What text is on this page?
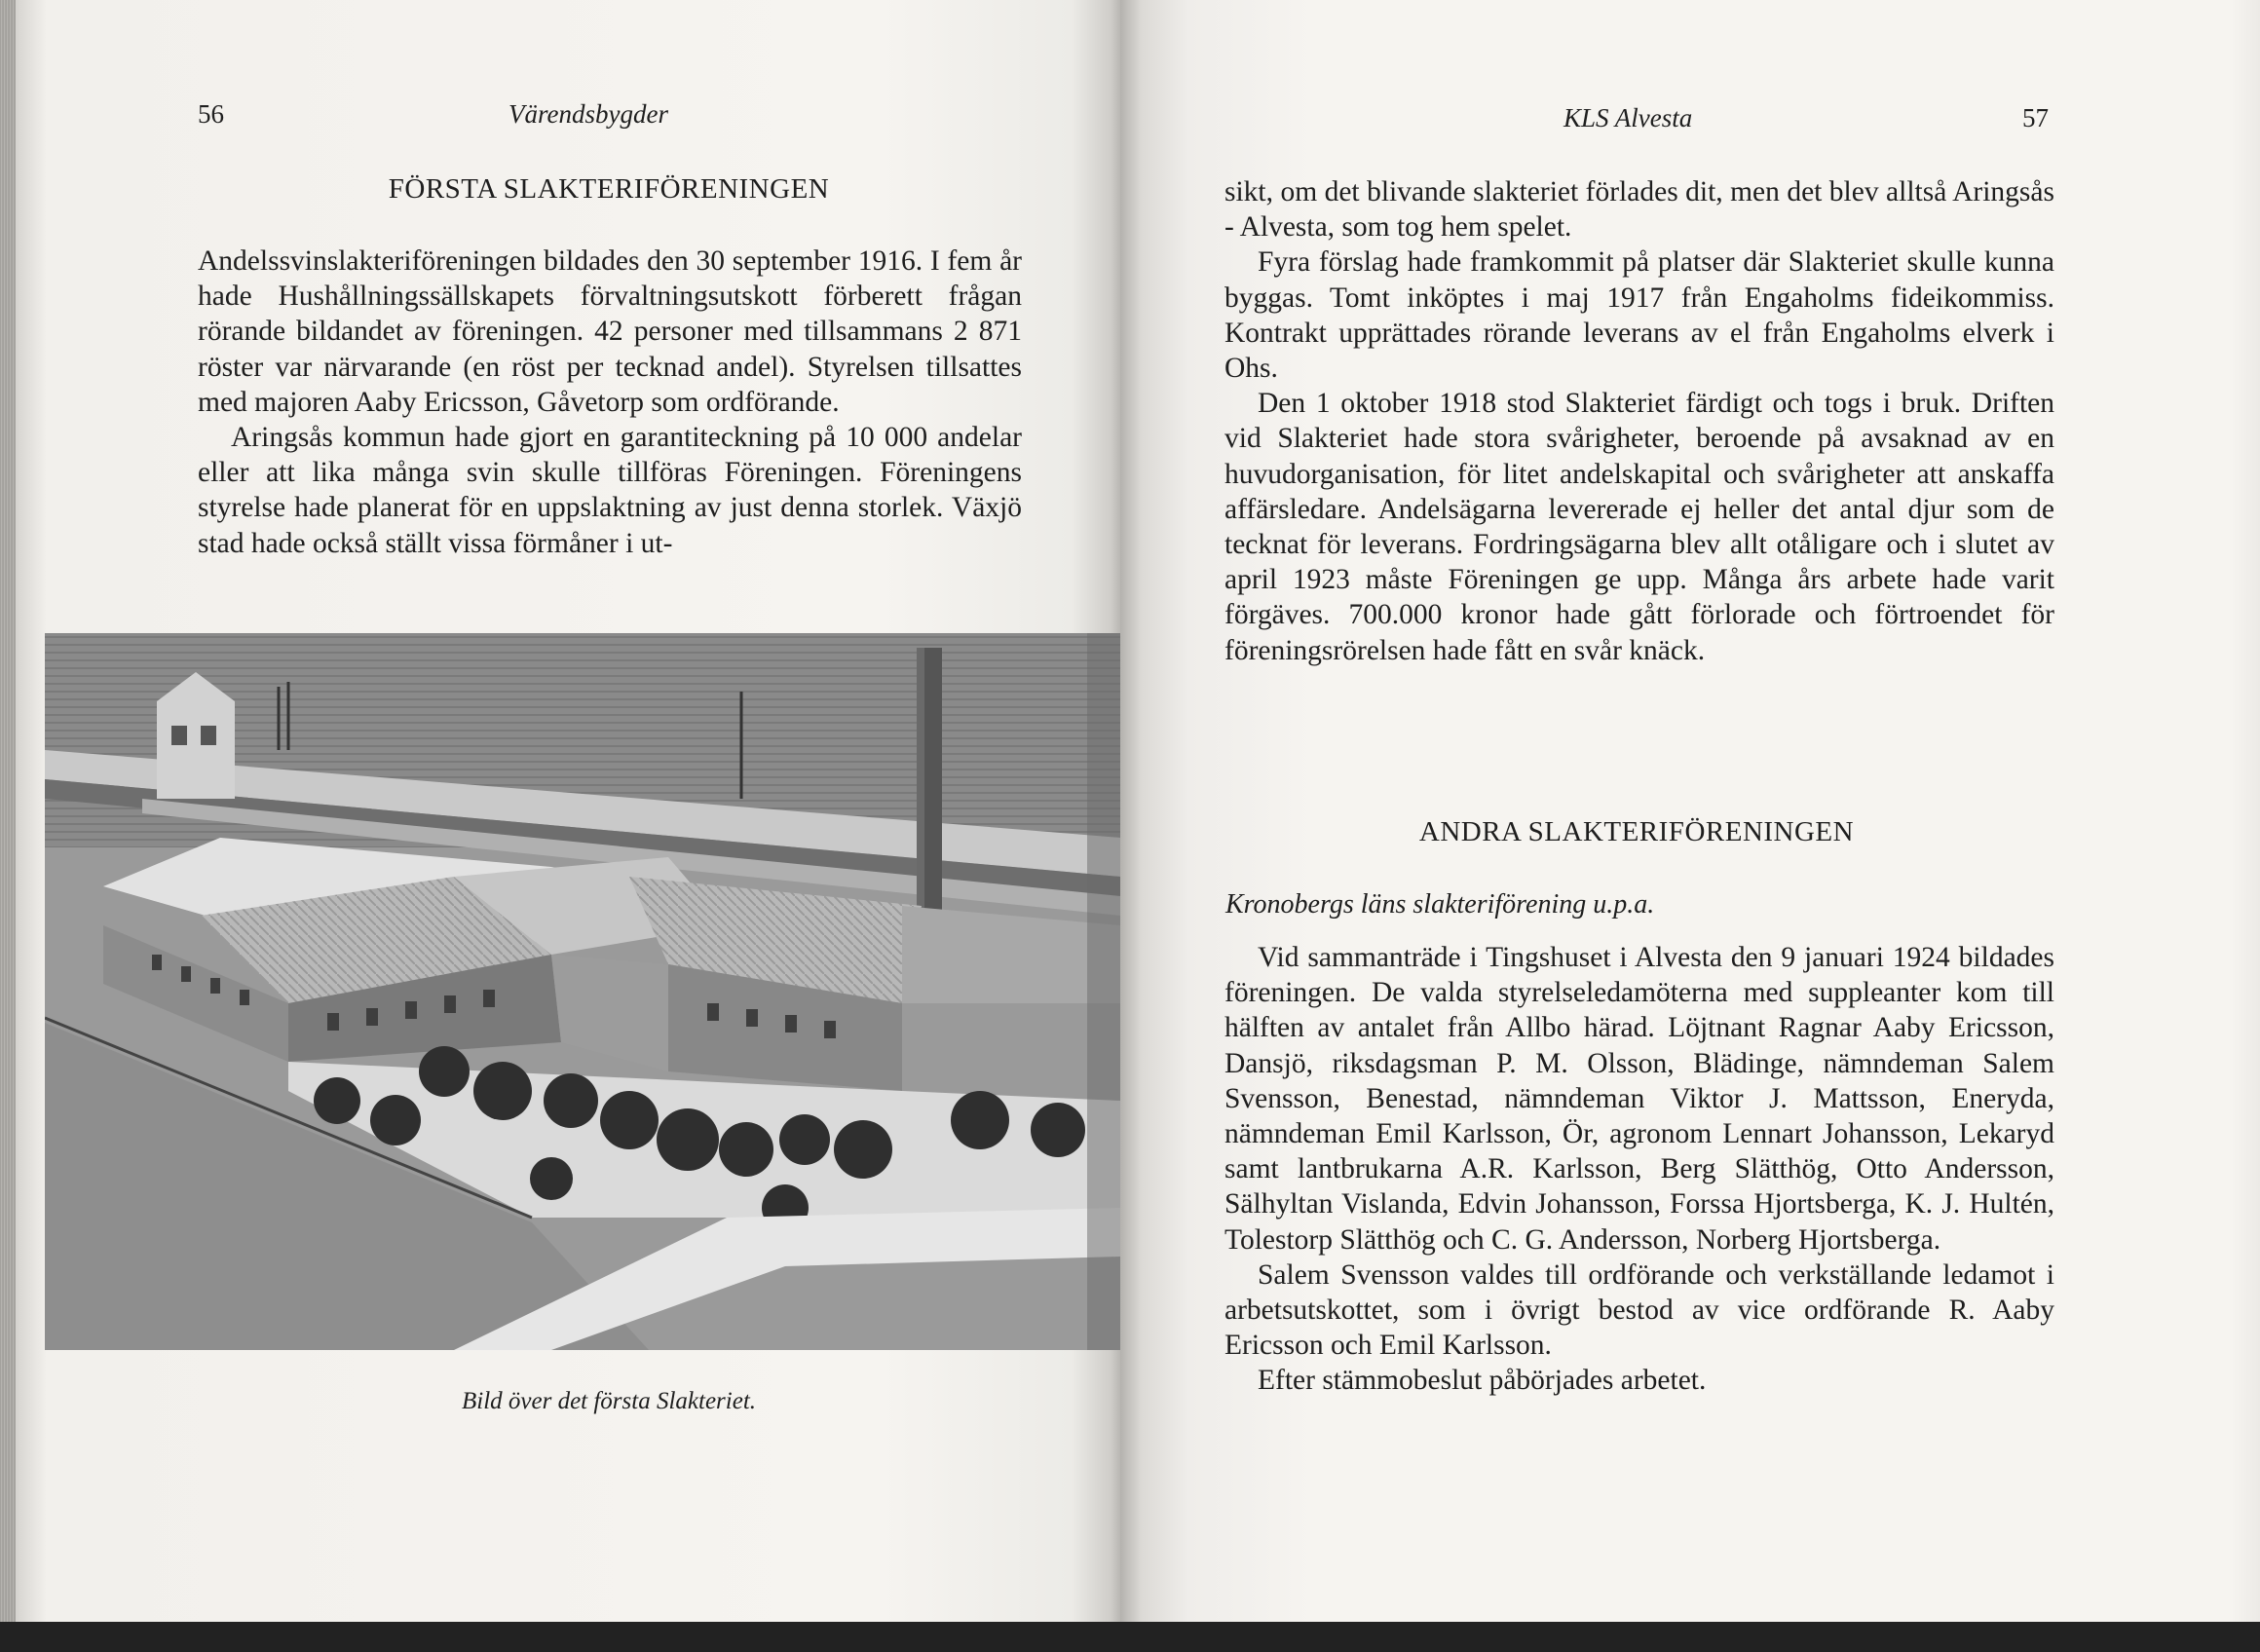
56	Värendsbygder
FÖRSTA SLAKTERIFÖRENINGEN

Andelssvinslakteriföreningen bildades den 30 september 1916. I fem år hade Hushållningssällskapets förvaltningsutskott förberett frågan rörande bildandet av föreningen. 42 personer med tillsammans 2 871 röster var närvarande (en röst per tecknad andel). Styrelsen tillsattes med majoren Aaby Ericsson, Gåvetorp som ordförande.

Aringsås kommun hade gjort en garantiteckning på 10 000 andelar eller att lika många svin skulle tillföras Föreningen. Föreningens styrelse hade planerat för en uppslaktning av just denna storlek. Växjö stad hade också ställt vissa förmåner i ut-

Bild över det första Slakteriet.
KLS Alvesta	57

sikt, om det blivande slakteriet förlades dit, men det blev alltså Aringsås - Alvesta, som tog hem spelet.

Fyra förslag hade framkommit på platser där Slakteriet skulle kunna byggas. Tomt inköptes i maj 1917 från Engaholms fideikommiss. Kontrakt upprättades rörande leverans av el från Engaholms elverk i Ohs.

Den 1 oktober 1918 stod Slakteriet färdigt och togs i bruk. Driften vid Slakteriet hade stora svårigheter, beroende på avsaknad av en huvudorganisation, för litet andelskapital och svårigheter att anskaffa affärsledare. Andelsägarna levererade ej heller det antal djur som de tecknat för leverans. Fordringsägarna blev allt otåligare och i slutet av april 1923 måste Föreningen ge upp. Många års arbete hade varit förgäves. 700.000 kronor hade gått förlorade och förtroendet för föreningsrörelsen hade fått en svår knäck.

ANDRA SLAKTERIFÖRENINGEN
Kronobergs läns slakteriförening u.p.a.

Vid sammanträde i Tingshuset i Alvesta den 9 januari 1924 bildades föreningen. De valda styrelseledamöterna med suppleanter kom till hälften av antalet från Allbo härad. Löjtnant Ragnar Aaby Ericsson, Dansjö, riksdagsman P. M. Olsson, Blädinge, nämndeman Salem Svensson, Benestad, nämndeman Viktor J. Mattsson, Eneryda, nämndeman Emil Karlsson, Ör, agronom Lennart Johansson, Lekaryd samt lantbrukarna A.R. Karlsson, Berg Slätthög, Otto Andersson, Sälhyltan Vislanda, Edvin Johansson, Forssa Hjortsberga, K. J. Hultén, Tolestorp Slätthög och C. G. Andersson, Norberg Hjortsberga.

Salem Svensson valdes till ordförande och verkställande ledamot i arbetsutskottet, som i övrigt bestod av vice ordförande R. Aaby Ericsson och Emil Karlsson.

Efter stämmobeslut påbörjades arbetet.
